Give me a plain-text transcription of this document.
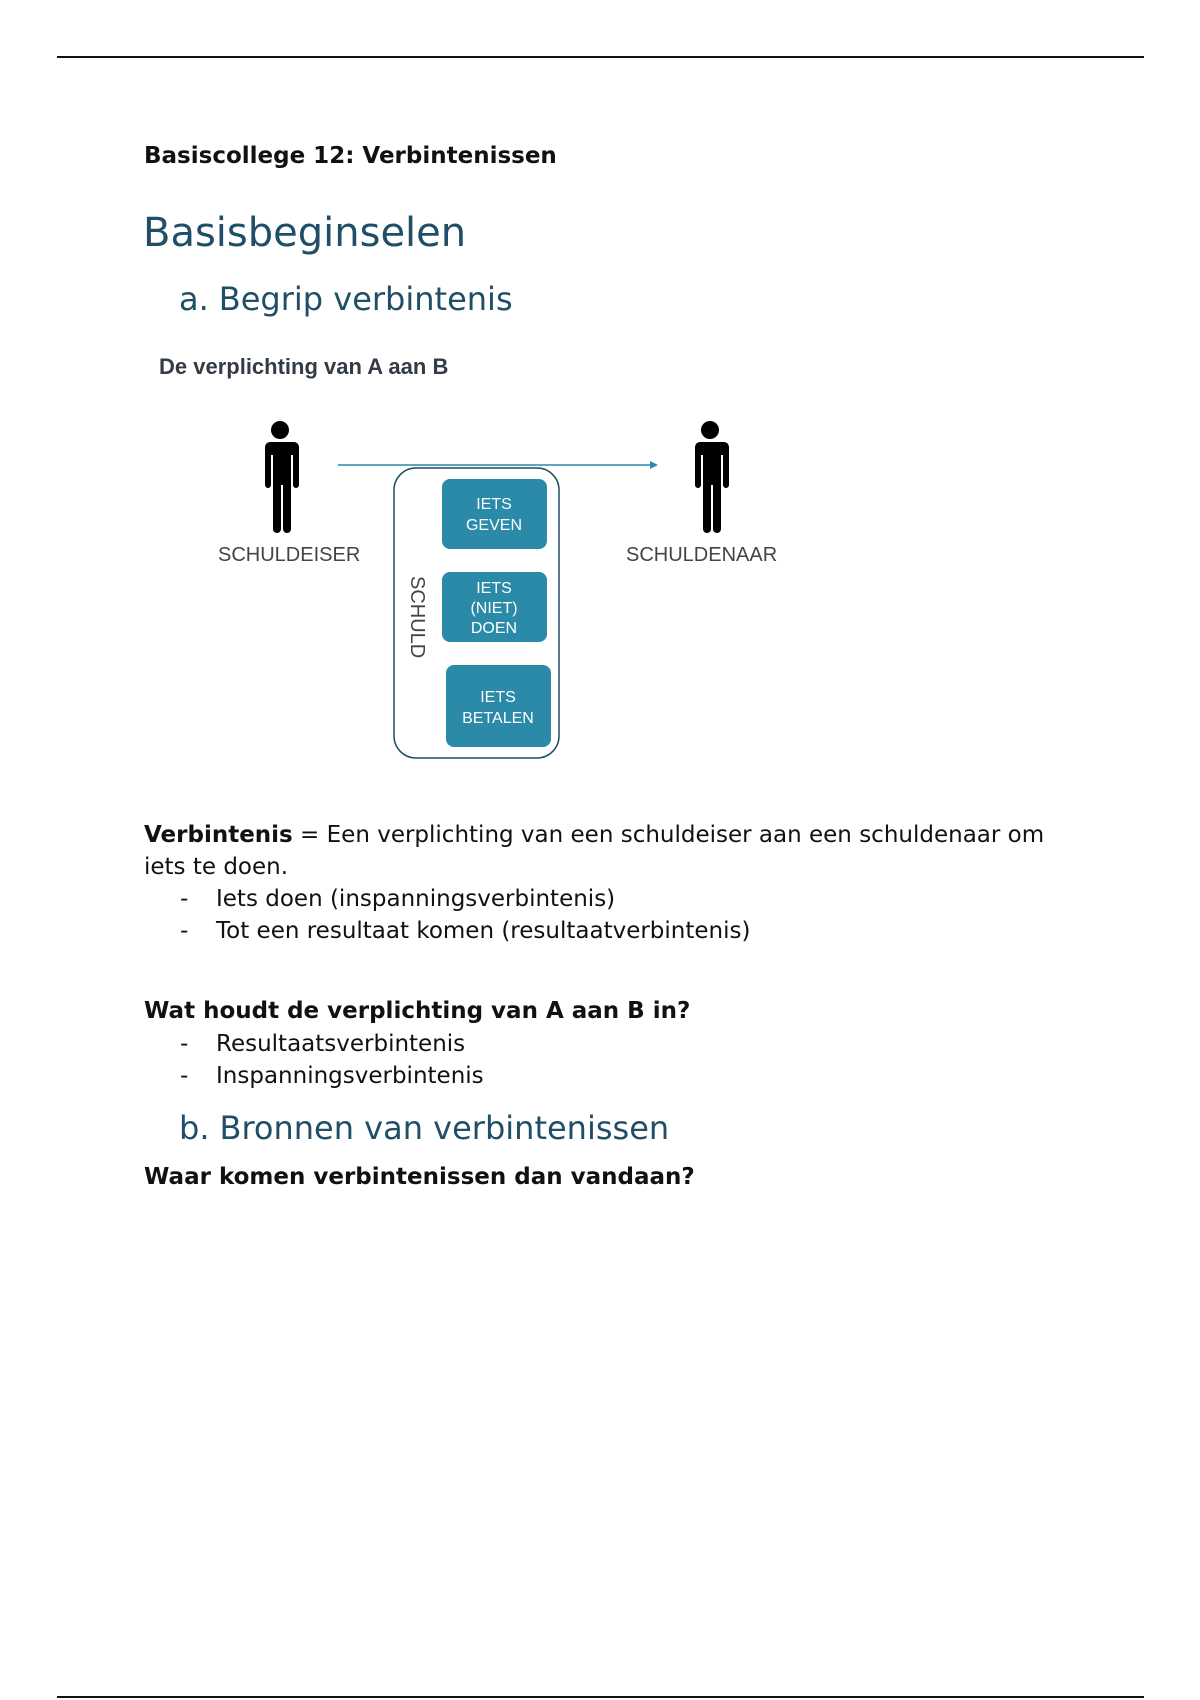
Basiscollege 12: Verbintenissen
Basisbeginselen
a. Begrip verbintenis
De verplichting van A aan B
IETS
GEVEN
IETS
(NIET)
DOEN
IETS
BETALEN
SCHULDEISER	SCHULDENAAR
SCHULD

Verbintenis = Een verplichting van een schuldeiser aan een schuldenaar om iets te doen.

- Iets doen (inspanningsverbintenis)
- Tot een resultaat komen (resultaatverbintenis)

Wat houdt de verplichting van A aan B in?

- Resultaatsverbintenis
- Inspanningsverbintenis
b. Bronnen van verbintenissen

Waar komen verbintenissen dan vandaan?
